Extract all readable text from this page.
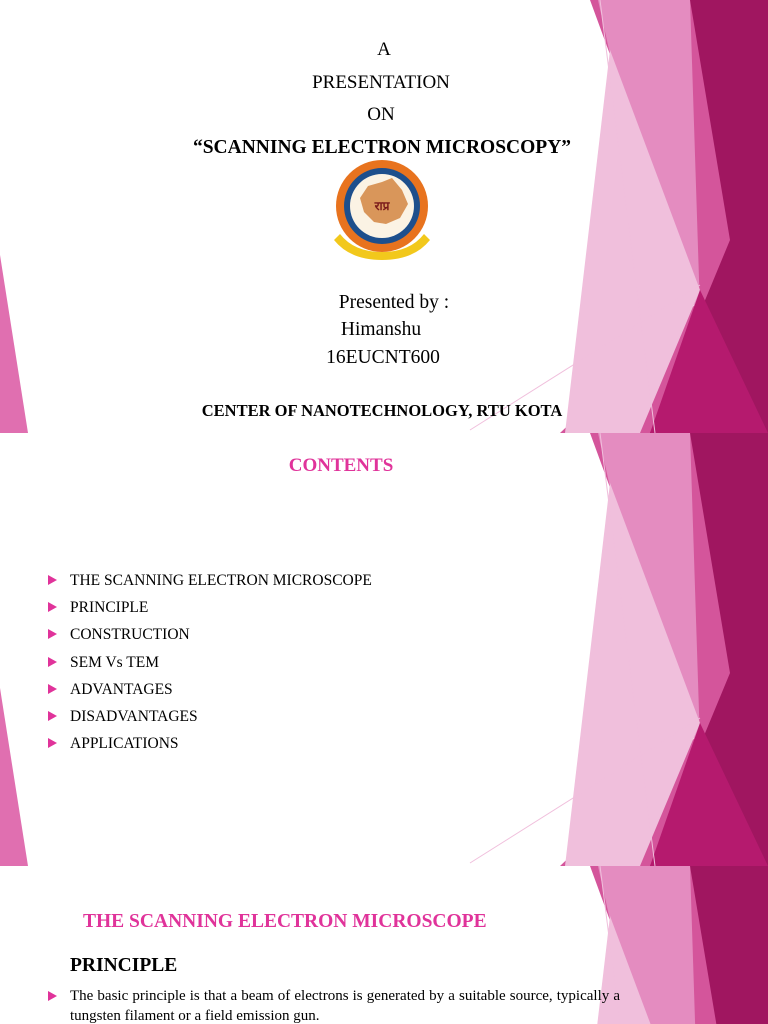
A

PRESENTATION

ON

“SCANNING ELECTRON MICROSCOPY”

राप्र

Presented by :

Himanshu

16EUCNT600

CENTER OF NANOTECHNOLOGY, RTU KOTA

CONTENTS

THE SCANNING ELECTRON MICROSCOPE
PRINCIPLE
CONSTRUCTION
SEM Vs TEM
ADVANTAGES
DISADVANTAGES
APPLICATIONS

THE SCANNING ELECTRON MICROSCOPE

PRINCIPLE

The basic principle is that a beam of electrons is generated by a suitable source, typically a tungsten filament or a field emission gun.
